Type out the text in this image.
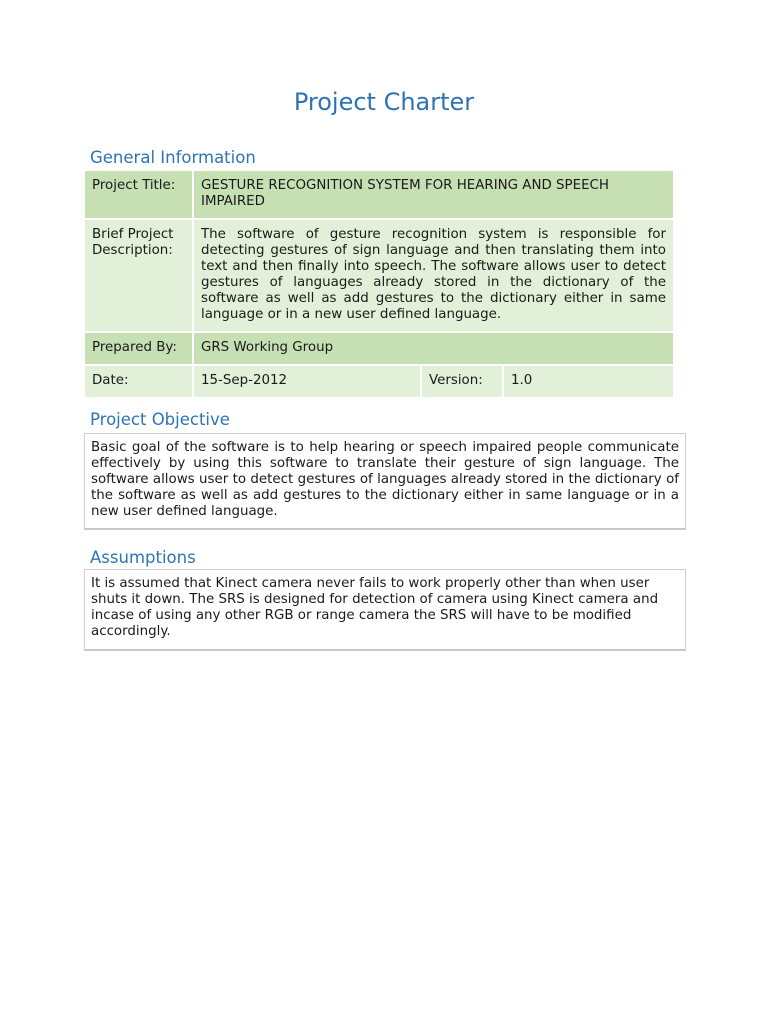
Project Charter
General Information
Project Title:	GESTURE RECOGNITION SYSTEM FOR HEARING AND SPEECH IMPAIRED		
Brief Project Description:	The software of gesture recognition system is responsible for detecting gestures of sign language and then translating them into text and then finally into speech. The software allows user to detect gestures of languages already stored in the dictionary of the software as well as add gestures to the dictionary either in same language or in a new user defined language.		
Prepared By:	GRS Working Group		
Date:	15-Sep-2012	Version:	1.0
Project Objective
Basic goal of the software is to help hearing or speech impaired people communicate effectively by using this software to translate their gesture of sign language. The software allows user to detect gestures of languages already stored in the dictionary of the software as well as add gestures to the dictionary either in same language or in a new user defined language.
Assumptions
It is assumed that Kinect camera never fails to work properly other than when user shuts it down. The SRS is designed for detection of camera using Kinect camera and incase of using any other RGB or range camera the SRS will have to be modified accordingly.
